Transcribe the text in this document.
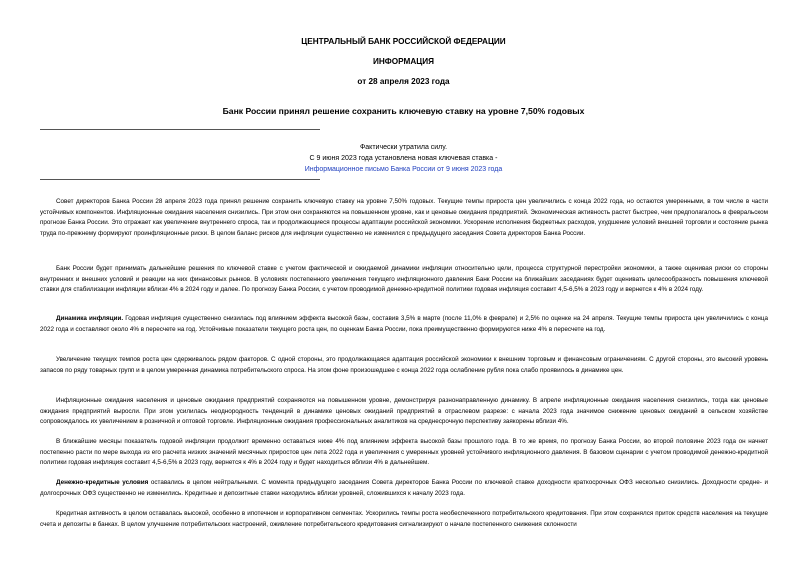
ЦЕНТРАЛЬНЫЙ БАНК РОССИЙСКОЙ ФЕДЕРАЦИИ
ИНФОРМАЦИЯ
от 28 апреля 2023 года
Банк России принял решение сохранить ключевую ставку на уровне 7,50% годовых
Фактически утратила силу.
С 9 июня 2023 года установлена новая ключевая ставка -
Информационное письмо Банка России от 9 июня 2023 года

Совет директоров Банка России 28 апреля 2023 года принял решение сохранить ключевую ставку на уровне 7,50% годовых. Текущие темпы прироста цен увеличились с конца 2022 года, но остаются умеренными, в том числе в части устойчивых компонентов. Инфляционные ожидания населения снизились. При этом они сохраняются на повышенном уровне, как и ценовые ожидания предприятий. Экономическая активность растет быстрее, чем предполагалось в февральском прогнозе Банка России. Это отражает как увеличение внутреннего спроса, так и продолжающиеся процессы адаптации российской экономики. Ускорение исполнения бюджетных расходов, ухудшение условий внешней торговли и состояние рынка труда по-прежнему формируют проинфляционные риски. В целом баланс рисков для инфляции существенно не изменился с предыдущего заседания Совета директоров Банка России.

Банк России будет принимать дальнейшие решения по ключевой ставке с учетом фактической и ожидаемой динамики инфляции относительно цели, процесса структурной перестройки экономики, а также оценивая риски со стороны внутренних и внешних условий и реакции на них финансовых рынков. В условиях постепенного увеличения текущего инфляционного давления Банк России на ближайших заседаниях будет оценивать целесообразность повышения ключевой ставки для стабилизации инфляции вблизи 4% в 2024 году и далее. По прогнозу Банка России, с учетом проводимой денежно-кредитной политики годовая инфляция составит 4,5-6,5% в 2023 году и вернется к 4% в 2024 году.

Динамика инфляции. Годовая инфляция существенно снизилась под влиянием эффекта высокой базы, составив 3,5% в марте (после 11,0% в феврале) и 2,5% по оценке на 24 апреля. Текущие темпы прироста цен увеличились с конца 2022 года и составляют около 4% в пересчете на год. Устойчивые показатели текущего роста цен, по оценкам Банка России, пока преимущественно формируются ниже 4% в пересчете на год.

Увеличение текущих темпов роста цен сдерживалось рядом факторов. С одной стороны, это продолжающаяся адаптация российской экономики к внешним торговым и финансовым ограничениям. С другой стороны, это высокий уровень запасов по ряду товарных групп и в целом умеренная динамика потребительского спроса. На этом фоне произошедшее с конца 2022 года ослабление рубля пока слабо проявилось в динамике цен.

Инфляционные ожидания населения и ценовые ожидания предприятий сохраняются на повышенном уровне, демонстрируя разнонаправленную динамику. В апреле инфляционные ожидания населения снизились, тогда как ценовые ожидания предприятий выросли. При этом усилилась неоднородность тенденций в динамике ценовых ожиданий предприятий в отраслевом разрезе: с начала 2023 года значимое снижение ценовых ожиданий в сельском хозяйстве сопровождалось их увеличением в розничной и оптовой торговле. Инфляционные ожидания профессиональных аналитиков на среднесрочную перспективу заякорены вблизи 4%.

В ближайшие месяцы показатель годовой инфляции продолжит временно оставаться ниже 4% под влиянием эффекта высокой базы прошлого года. В то же время, по прогнозу Банка России, во второй половине 2023 года он начнет постепенно расти по мере выхода из его расчета низких значений месячных приростов цен лета 2022 года и увеличения с умеренных уровней устойчивого инфляционного давления. В базовом сценарии с учетом проводимой денежно-кредитной политики годовая инфляция составит 4,5-6,5% в 2023 году, вернется к 4% в 2024 году и будет находиться вблизи 4% в дальнейшем.

Денежно-кредитные условия оставались в целом нейтральными. С момента предыдущего заседания Совета директоров Банка России по ключевой ставке доходности краткосрочных ОФЗ несколько снизились. Доходности средне- и долгосрочных ОФЗ существенно не изменились. Кредитные и депозитные ставки находились вблизи уровней, сложившихся к началу 2023 года.

Кредитная активность в целом оставалась высокой, особенно в ипотечном и корпоративном сегментах. Ускорились темпы роста необеспеченного потребительского кредитования. При этом сохранялся приток средств населения на текущие счета и депозиты в банках. В целом улучшение потребительских настроений, оживление потребительского кредитования сигнализируют о начале постепенного снижения склонности
